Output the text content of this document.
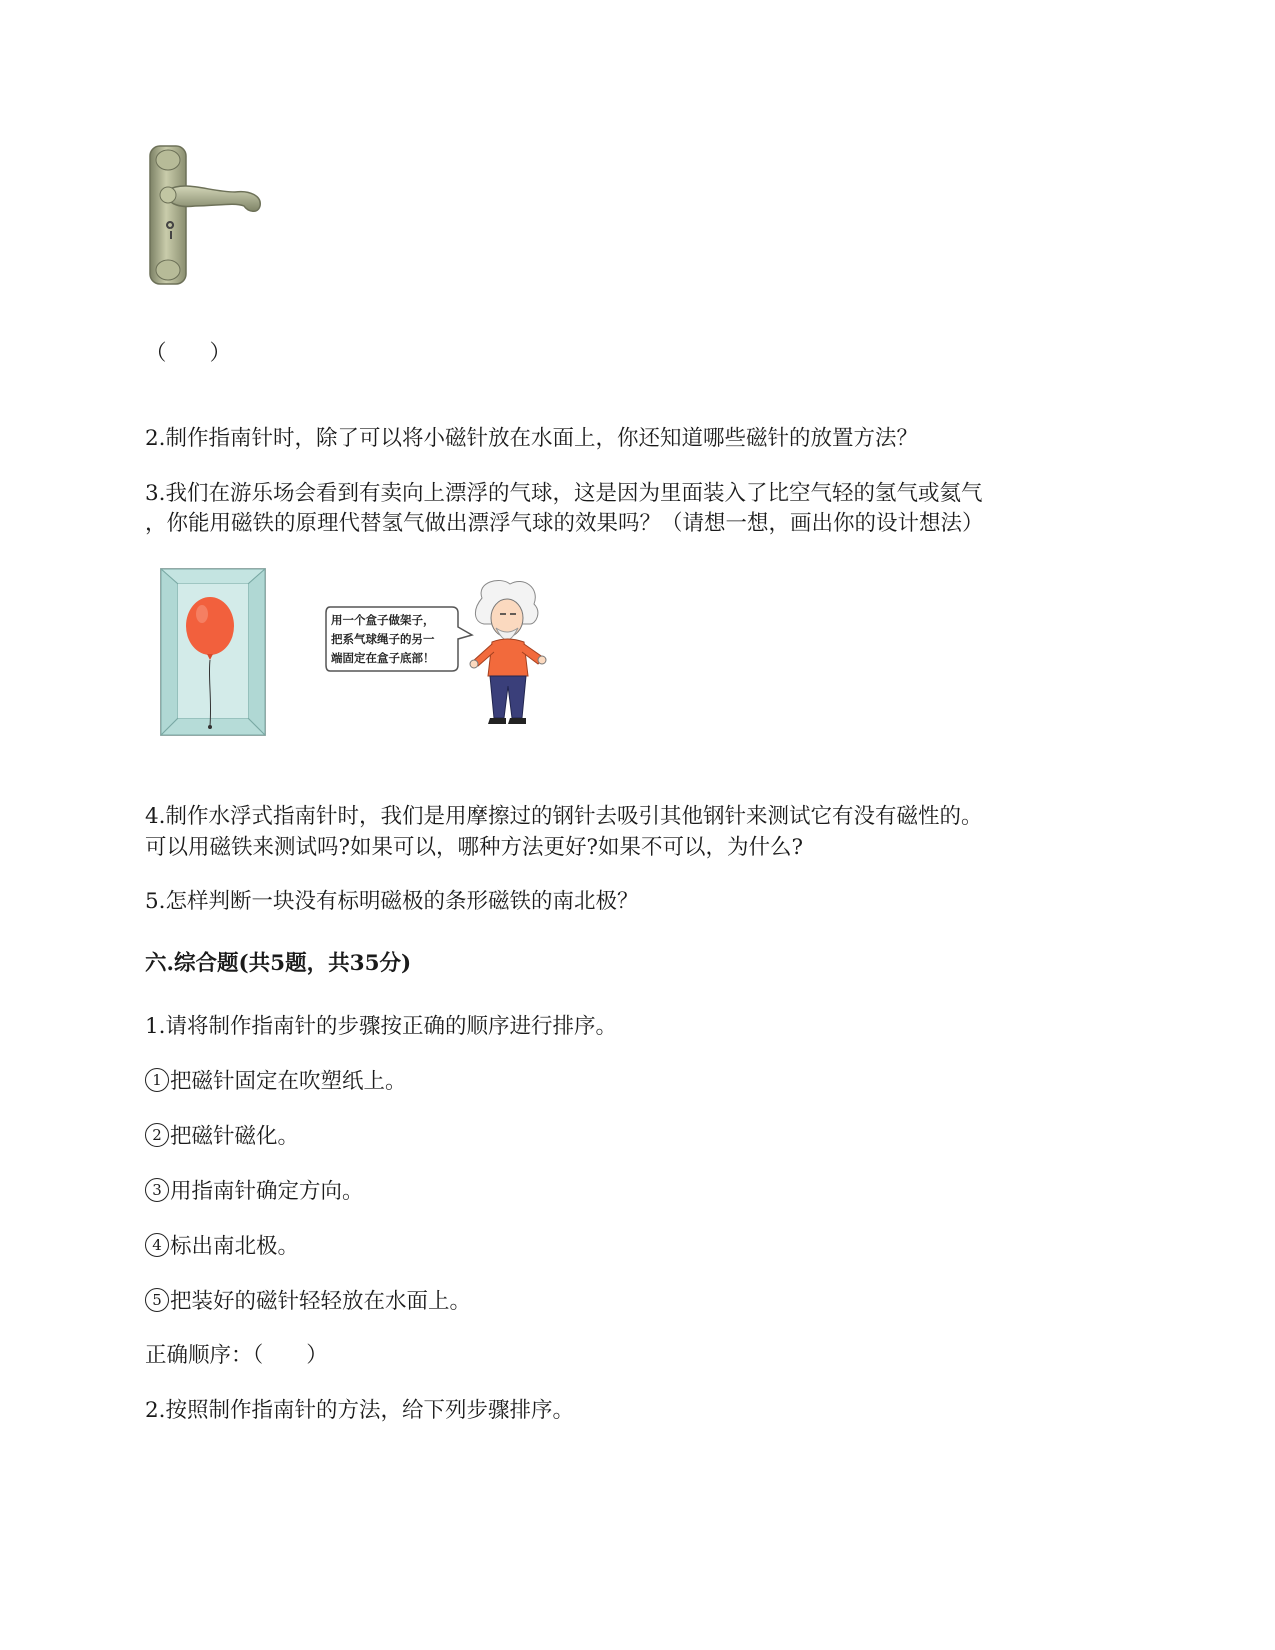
（　　）
2.制作指南针时，除了可以将小磁针放在水面上，你还知道哪些磁针的放置方法？
3.我们在游乐场会看到有卖向上漂浮的气球，这是因为里面装入了比空气轻的氢气或氦气
，你能用磁铁的原理代替氢气做出漂浮气球的效果吗？（请想一想，画出你的设计想法）
用一个盒子做架子，
把系气球绳子的另一
端固定在盒子底部！
4.制作水浮式指南针时，我们是用摩擦过的钢针去吸引其他钢针来测试它有没有磁性的。
可以用磁铁来测试吗?如果可以，哪种方法更好?如果不可以，为什么?
5.怎样判断一块没有标明磁极的条形磁铁的南北极？
六.综合题(共5题，共35分)
1.请将制作指南针的步骤按正确的顺序进行排序。
1 把磁针固定在吹塑纸上。
2 把磁针磁化。
3 用指南针确定方向。
4 标出南北极。
5 把装好的磁针轻轻放在水面上。
正确顺序：（　　）
2.按照制作指南针的方法，给下列步骤排序。
